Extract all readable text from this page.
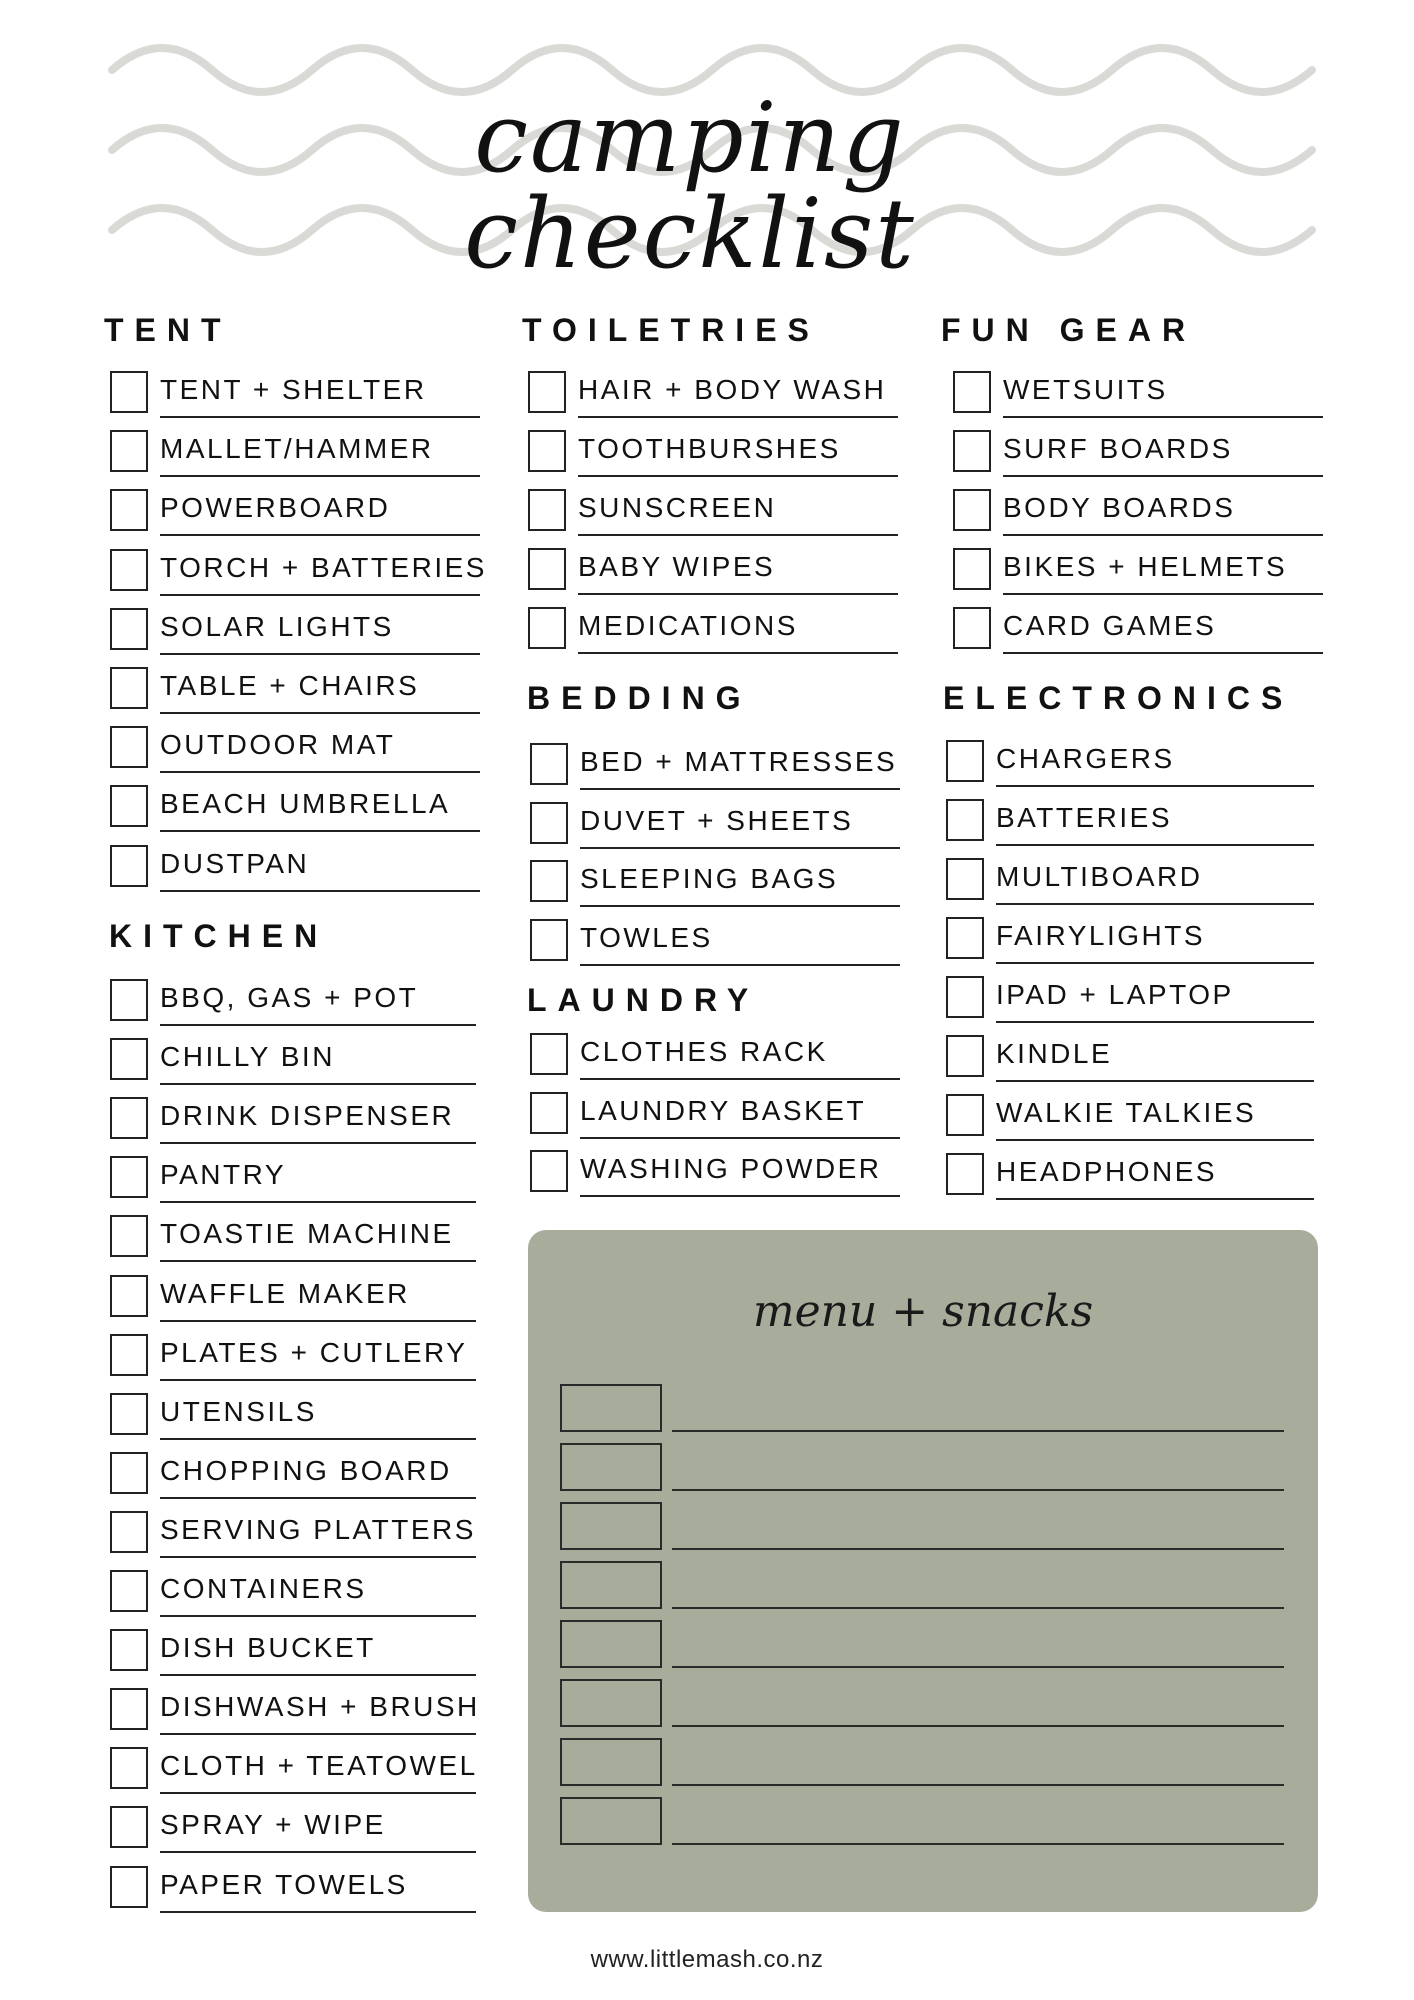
camping checklist
TENT
TENT + SHELTER
MALLET/HAMMER
POWERBOARD
TORCH + BATTERIES
SOLAR LIGHTS
TABLE + CHAIRS
OUTDOOR MAT
BEACH UMBRELLA
DUSTPAN
KITCHEN
BBQ, GAS + POT
CHILLY BIN
DRINK DISPENSER
PANTRY
TOASTIE MACHINE
WAFFLE MAKER
PLATES + CUTLERY
UTENSILS
CHOPPING BOARD
SERVING PLATTERS
CONTAINERS
DISH BUCKET
DISHWASH + BRUSH
CLOTH + TEATOWEL
SPRAY + WIPE
PAPER TOWELS
TOILETRIES
HAIR + BODY WASH
TOOTHBURSHES
SUNSCREEN
BABY WIPES
MEDICATIONS
BEDDING
BED + MATTRESSES
DUVET + SHEETS
SLEEPING BAGS
TOWLES
LAUNDRY
CLOTHES RACK
LAUNDRY BASKET
WASHING POWDER
FUN GEAR
WETSUITS
SURF BOARDS
BODY BOARDS
BIKES + HELMETS
CARD GAMES
ELECTRONICS
CHARGERS
BATTERIES
MULTIBOARD
FAIRYLIGHTS
IPAD + LAPTOP
KINDLE
WALKIE TALKIES
HEADPHONES
menu + snacks
www.littlemash.co.nz
